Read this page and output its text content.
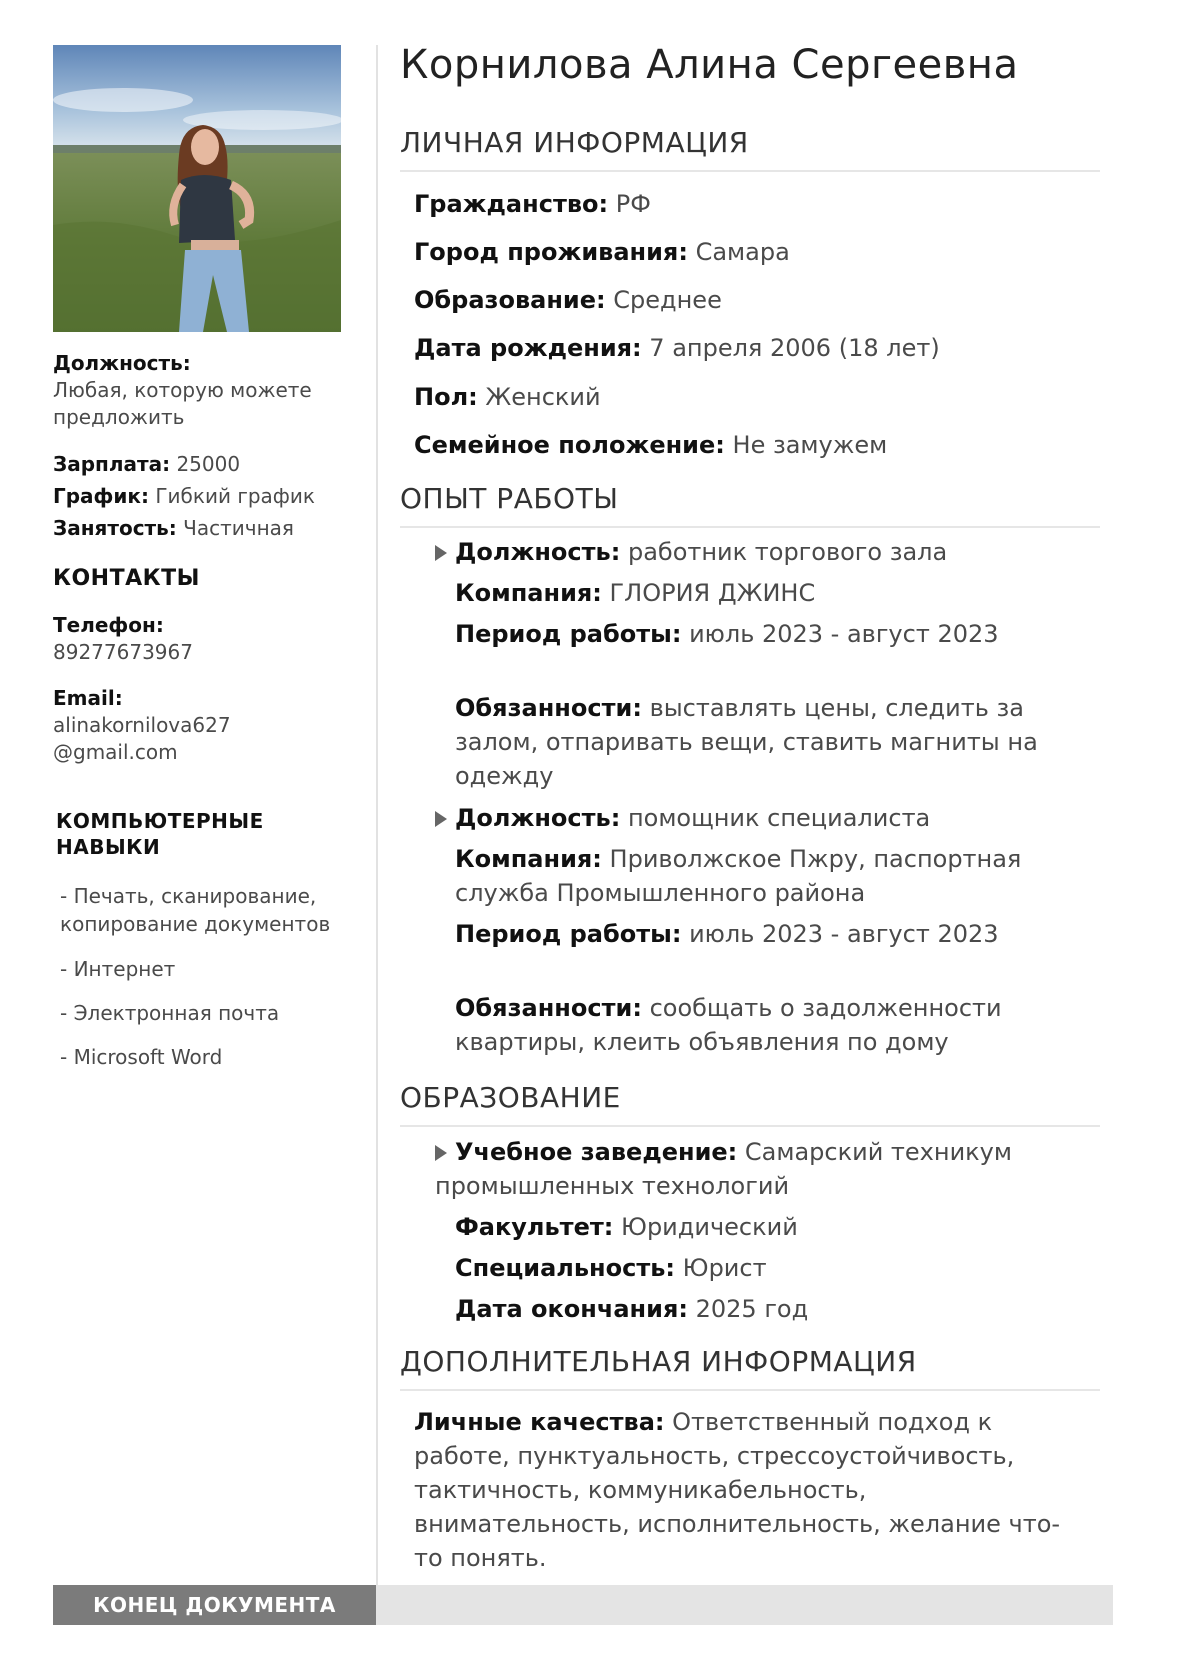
Должность:
Любая, которую можете предложить
Зарплата: 25000
График: Гибкий график
Занятость: Частичная
КОНТАКТЫ
Телефон:
89277673967
Email:
alinakornilova627
@gmail.com
КОМПЬЮТЕРНЫЕ
НАВЫКИ
- Печать, сканирование, копирование документов
- Интернет
- Электронная почта
- Microsoft Word
Корнилова Алина Сергеевна
ЛИЧНАЯ ИНФОРМАЦИЯ
Гражданство: РФ
Город проживания: Самара
Образование: Среднее
Дата рождения: 7 апреля 2006 (18 лет)
Пол: Женский
Семейное положение: Не замужем
ОПЫТ РАБОТЫ
Должность: работник торгового зала
Компания: ГЛОРИЯ ДЖИНС
Период работы: июль 2023 - август 2023
Обязанности: выставлять цены, следить за залом, отпаривать вещи, ставить магниты на одежду
Должность: помощник специалиста
Компания: Приволжское Пжру, паспортная служба Промышленного района
Период работы: июль 2023 - август 2023
Обязанности: сообщать о задолженности квартиры, клеить объявления по дому
ОБРАЗОВАНИЕ
Учебное заведение: Самарский техникум промышленных технологий
Факультет: Юридический
Специальность: Юрист
Дата окончания: 2025 год
ДОПОЛНИТЕЛЬНАЯ ИНФОРМАЦИЯ
Личные качества: Ответственный подход к работе, пунктуальность, стрессоустойчивость, тактичность, коммуникабельность, внимательность, исполнительность, желание что-то понять.
КОНЕЦ ДОКУМЕНТА
